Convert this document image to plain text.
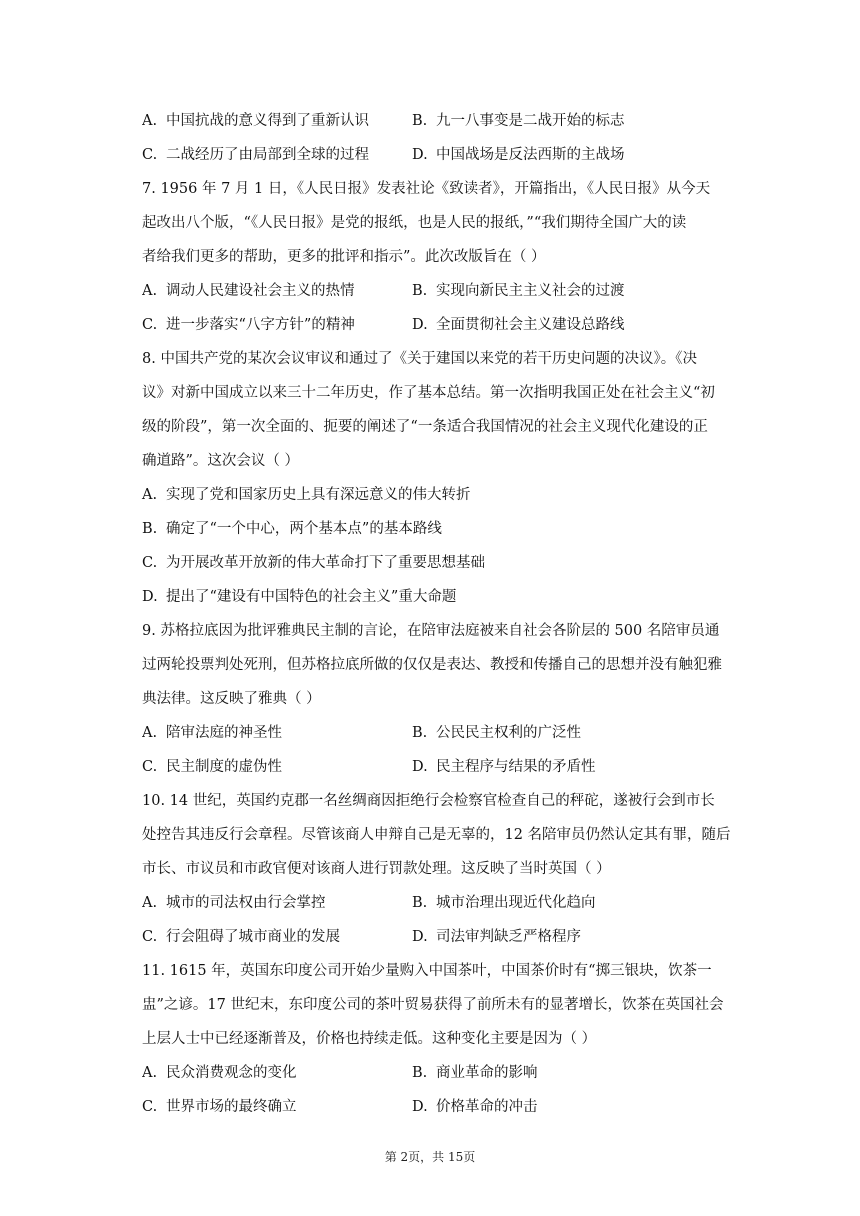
A. 中国抗战的意义得到了重新认识	B. 九一八事变是二战开始的标志
C. 二战经历了由局部到全球的过程	D. 中国战场是反法西斯的主战场
7. 1956 年 7 月 1 日，《人民日报》发表社论《致读者》，开篇指出，《人民日报》从今天
起改出八个版，“《人民日报》是党的报纸，也是人民的报纸，”“我们期待全国广大的读
者给我们更多的帮助，更多的批评和指示”。此次改版旨在（ ）
A. 调动人民建设社会主义的热情	B. 实现向新民主主义社会的过渡
C. 进一步落实“八字方针”的精神	D. 全面贯彻社会主义建设总路线
8. 中国共产党的某次会议审议和通过了《关于建国以来党的若干历史问题的决议》。《决
议》对新中国成立以来三十二年历史，作了基本总结。第一次指明我国正处在社会主义“初
级的阶段”，第一次全面的、扼要的阐述了“一条适合我国情况的社会主义现代化建设的正
确道路”。这次会议（ ）
A. 实现了党和国家历史上具有深远意义的伟大转折
B. 确定了“一个中心，两个基本点”的基本路线
C. 为开展改革开放新的伟大革命打下了重要思想基础
D. 提出了“建设有中国特色的社会主义”重大命题
9. 苏格拉底因为批评雅典民主制的言论，在陪审法庭被来自社会各阶层的 500 名陪审员通
过两轮投票判处死刑，但苏格拉底所做的仅仅是表达、教授和传播自己的思想并没有触犯雅
典法律。这反映了雅典（ ）
A. 陪审法庭的神圣性	B. 公民民主权利的广泛性
C. 民主制度的虚伪性	D. 民主程序与结果的矛盾性
10. 14 世纪，英国约克郡一名丝绸商因拒绝行会检察官检查自己的秤砣，遂被行会到市长
处控告其违反行会章程。尽管该商人申辩自己是无辜的，12 名陪审员仍然认定其有罪，随后
市长、市议员和市政官便对该商人进行罚款处理。这反映了当时英国（ ）
A. 城市的司法权由行会掌控	B. 城市治理出现近代化趋向
C. 行会阻碍了城市商业的发展	D. 司法审判缺乏严格程序
11. 1615 年，英国东印度公司开始少量购入中国茶叶，中国茶价时有“掷三银块，饮茶一
盅”之谚。17 世纪末，东印度公司的茶叶贸易获得了前所未有的显著增长，饮茶在英国社会
上层人士中已经逐渐普及，价格也持续走低。这种变化主要是因为（ ）
A. 民众消费观念的变化	B. 商业革命的影响
C. 世界市场的最终确立	D. 价格革命的冲击
第 2页，共 15页
